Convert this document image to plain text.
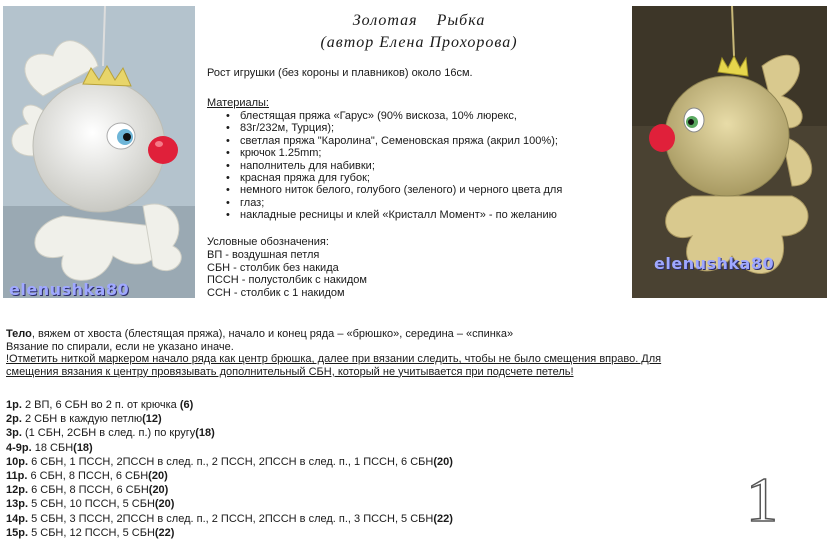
elenushka80
elenushka80
Золотая Рыбка
(автор Елена Прохорова)
Рост игрушки (без короны и плавников) около 16см.
Материалы:
• блестящая пряжа «Гарус» (90% вискоза, 10% люрекс,
• 83г/232м, Турция);
• светлая пряжа "Каролина", Семеновская пряжа (акрил 100%);
• крючок 1.25mm;
• наполнитель для набивки;
• красная пряжа для губок;
• немного ниток белого, голубого (зеленого) и черного цвета для
• глаз;
• накладные ресницы и клей «Кристалл Момент» - по желанию
Условные обозначения:
ВП - воздушная петля
СБН - столбик без накида
ПССН - полустолбик с накидом
ССН - столбик с 1 накидом
Тело, вяжем от хвоста (блестящая пряжа), начало и конец ряда – «брюшко», середина – «спинка»
Вязание по спирали, если не указано иначе.
!Отметить ниткой маркером начало ряда как центр брюшка, далее при вязании следить, чтобы не было смещения вправо. Для
смещения вязания к центру провязывать дополнительный СБН, который не учитывается при подсчете петель!
1р. 2 ВП, 6 СБН во 2 п. от крючка (6)
2р. 2 СБН в каждую петлю(12)
3р. (1 СБН, 2СБН в след. п.) по кругу(18)
4-9р. 18 СБН(18)
10р. 6 СБН, 1 ПССН, 2ПССН в след. п., 2 ПССН, 2ПССН в след. п., 1 ПССН, 6 СБН(20)
11р. 6 СБН, 8 ПССН, 6 СБН(20)
12р. 6 СБН, 8 ПССН, 6 СБН(20)
13р. 5 СБН, 10 ПССН, 5 СБН(20)
14р. 5 СБН, 3 ПССН, 2ПССН в след. п., 2 ПССН, 2ПССН в след. п., 3 ПССН, 5 СБН(22)
15р. 5 СБН, 12 ПССН, 5 СБН(22)	1
